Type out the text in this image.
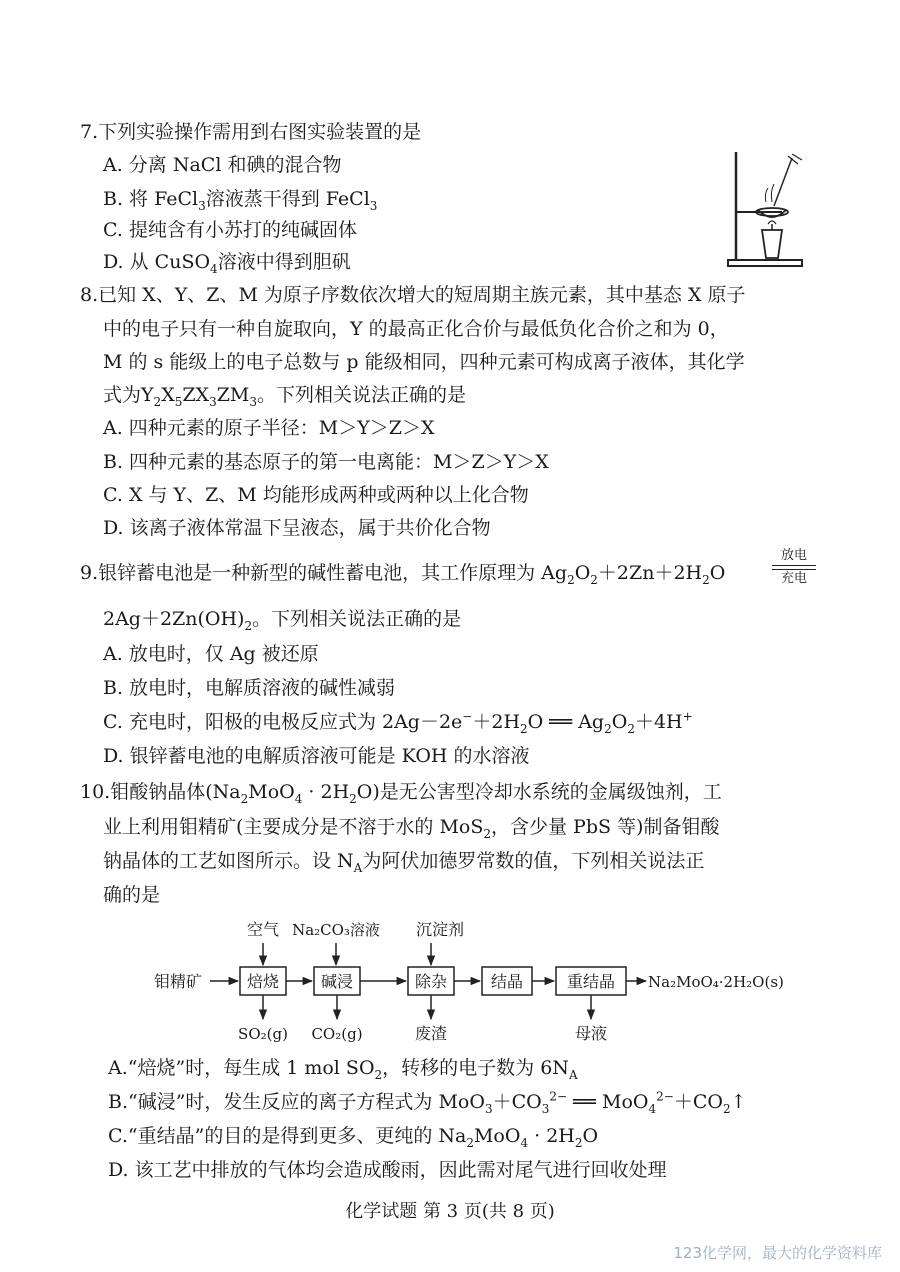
7.下列实验操作需用到右图实验装置的是
A. 分离 NaCl 和碘的混合物
B. 将 FeCl$_3$溶液蒸干得到 FeCl$_3$
C. 提纯含有小苏打的纯碱固体
D. 从 CuSO$_4$溶液中得到胆矾
8.已知 X、Y、Z、M 为原子序数依次增大的短周期主族元素，其中基态 X 原子
中的电子只有一种自旋取向，Y 的最高正化合价与最低负化合价之和为 0，
M 的 s 能级上的电子总数与 p 能级相同，四种元素可构成离子液体，其化学
式为$Y_2X_5ZX_3ZM_3$。下列相关说法正确的是
A. 四种元素的原子半径：M＞Y＞Z＞X
B. 四种元素的基态原子的第一电离能：M＞Z＞Y＞X
C. X 与 Y、Z、M 均能形成两种或两种以上化合物
D. 该离子液体常温下呈液态，属于共价化合物
9.银锌蓄电池是一种新型的碱性蓄电池，其工作原理为 $Ag_2O_2+2Zn+2H_2O$
放电
充电
$2Ag+2Zn(OH)_2$。下列相关说法正确的是
A. 放电时，仅 Ag 被还原
B. 放电时，电解质溶液的碱性减弱
C. 充电时，阳极的电极反应式为 $2Ag-2e^-+2H_2O$ ══ $Ag_2O_2+4H^+$
D. 银锌蓄电池的电解质溶液可能是 KOH 的水溶液
10.钼酸钠晶体$(Na_2MoO_4 \cdot 2H_2O)$是无公害型冷却水系统的金属级蚀剂，工
业上利用钼精矿(主要成分是不溶于水的 MoS$_2$，含少量 PbS 等)制备钼酸
钠晶体的工艺如图所示。设 $N_A$为阿伏加德罗常数的值，下列相关说法正
确的是
空气 Na₂CO₃溶液 沉淀剂
钼精矿	焙烧	碱浸	除杂	结晶	重结晶 Na₂MoO₄·2H₂O(s)
SO₂(g) CO₂(g)	废渣	母液
A.“焙烧”时，每生成 1 mol $SO_2$，转移的电子数为 $6N_A$
B.“碱浸”时，发生反应的离子方程式为 $MoO_3+CO_3^{2-}$ ══ $MoO_4^{2-}+CO_2↑$
C.“重结晶”的目的是得到更多、更纯的 $Na_2MoO_4 \cdot 2H_2O$
D. 该工艺中排放的气体均会造成酸雨，因此需对尾气进行回收处理
化学试题 第 3 页(共 8 页)
123化学网，最大的化学资料库
